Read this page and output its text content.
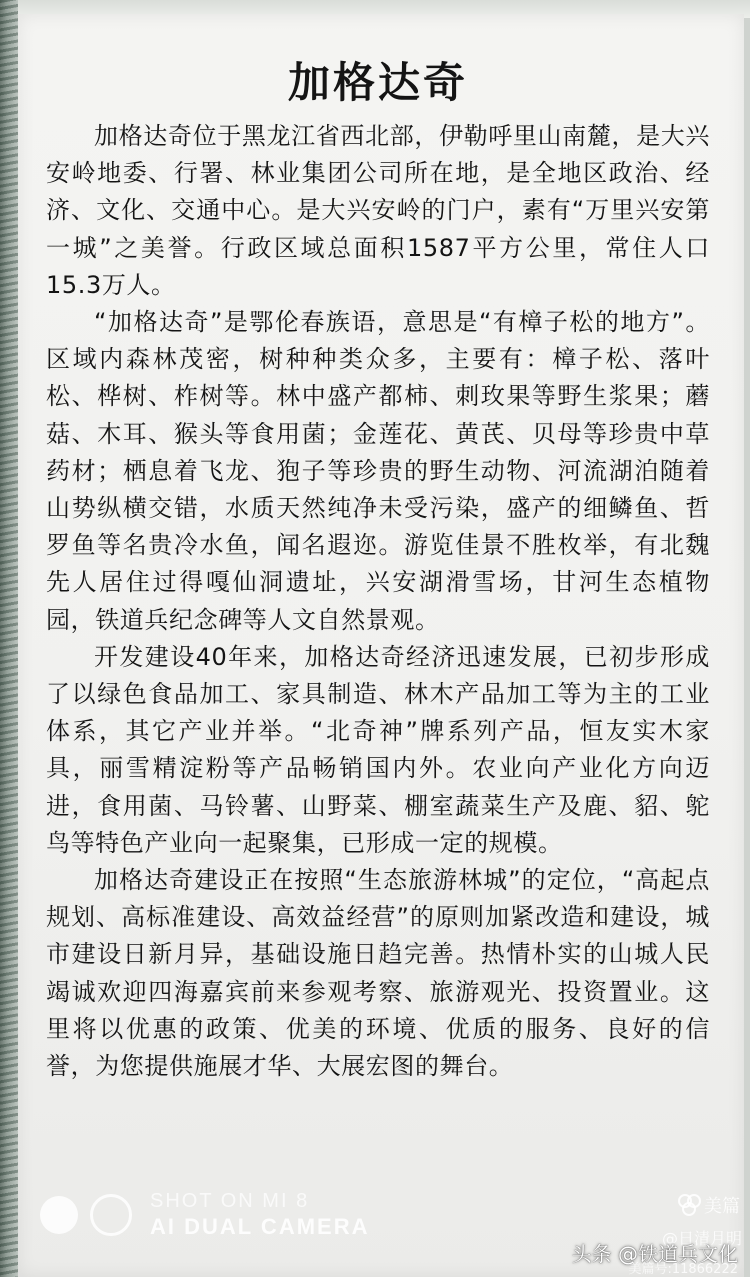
加格达奇

加格达奇位于黑龙江省西北部，伊勒呼里山南麓，是大兴安岭地委、行署、林业集团公司所在地，是全地区政治、经济、文化、交通中心。是大兴安岭的门户，素有“万里兴安第一城”之美誉。行政区域总面积1587平方公里，常住人口15.3万人。

“加格达奇”是鄂伦春族语，意思是“有樟子松的地方”。区域内森林茂密，树种种类众多，主要有：樟子松、落叶松、桦树、柞树等。林中盛产都柿、刺玫果等野生浆果；蘑菇、木耳、猴头等食用菌；金莲花、黄芪、贝母等珍贵中草药材；栖息着飞龙、狍子等珍贵的野生动物、河流湖泊随着山势纵横交错，水质天然纯净未受污染，盛产的细鳞鱼、哲罗鱼等名贵冷水鱼，闻名遐迩。游览佳景不胜枚举，有北魏先人居住过得嘎仙洞遗址，兴安湖滑雪场，甘河生态植物园，铁道兵纪念碑等人文自然景观。

开发建设40年来，加格达奇经济迅速发展，已初步形成了以绿色食品加工、家具制造、林木产品加工等为主的工业体系，其它产业并举。“北奇神”牌系列产品，恒友实木家具，丽雪精淀粉等产品畅销国内外。农业向产业化方向迈进，食用菌、马铃薯、山野菜、棚室蔬菜生产及鹿、貂、鸵鸟等特色产业向一起聚集，已形成一定的规模。

加格达奇建设正在按照“生态旅游林城”的定位，“高起点规划、高标准建设、高效益经营”的原则加紧改造和建设，城市建设日新月异，基础设施日趋完善。热情朴实的山城人民竭诚欢迎四海嘉宾前来参观考察、旅游观光、投资置业。这里将以优惠的政策、优美的环境、优质的服务、良好的信誉，为您提供施展才华、大展宏图的舞台。

SHOT ON MI 8
AI DUAL CAMERA
美篇
@ 日清月明
头条 @铁道兵文化
美篇号:11866222
